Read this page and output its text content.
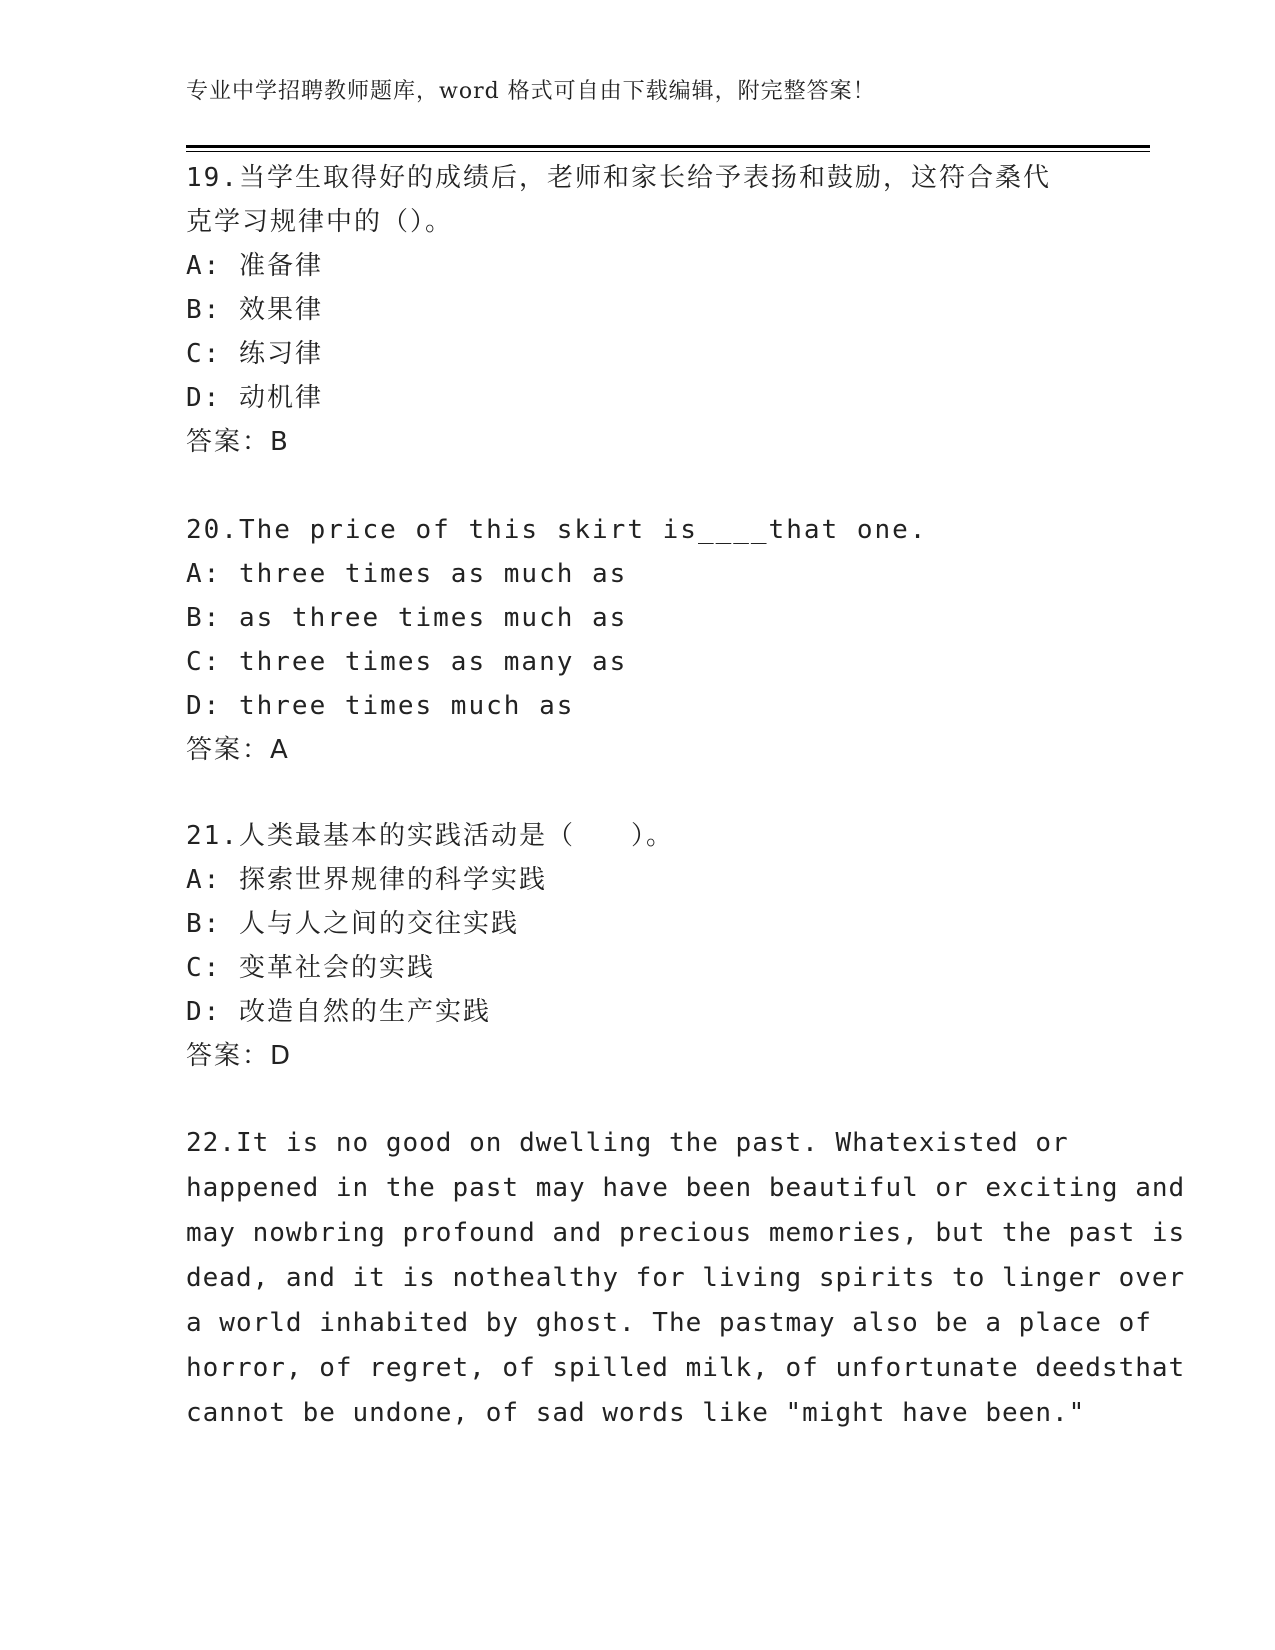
专业中学招聘教师题库，word 格式可自由下载编辑，附完整答案！
19.当学生取得好的成绩后，老师和家长给予表扬和鼓励，这符合桑代
克学习规律中的（）。
A: 准备律
B: 效果律
C: 练习律
D: 动机律
答案：B
20.The price of this skirt is____that one.
A: three times as much as
B: as three times much as
C: three times as many as
D: three times much as
答案：A
21.人类最基本的实践活动是（　　）。
A: 探索世界规律的科学实践
B: 人与人之间的交往实践
C: 变革社会的实践
D: 改造自然的生产实践
答案：D
22.It is no good on dwelling the past. Whatexisted or
happened in the past may have been beautiful or exciting and
may nowbring profound and precious memories, but the past is
dead, and it is nothealthy for living spirits to linger over
a world inhabited by ghost. The pastmay also be a place of
horror, of regret, of spilled milk, of unfortunate deedsthat
cannot be undone, of sad words like "might have been."
